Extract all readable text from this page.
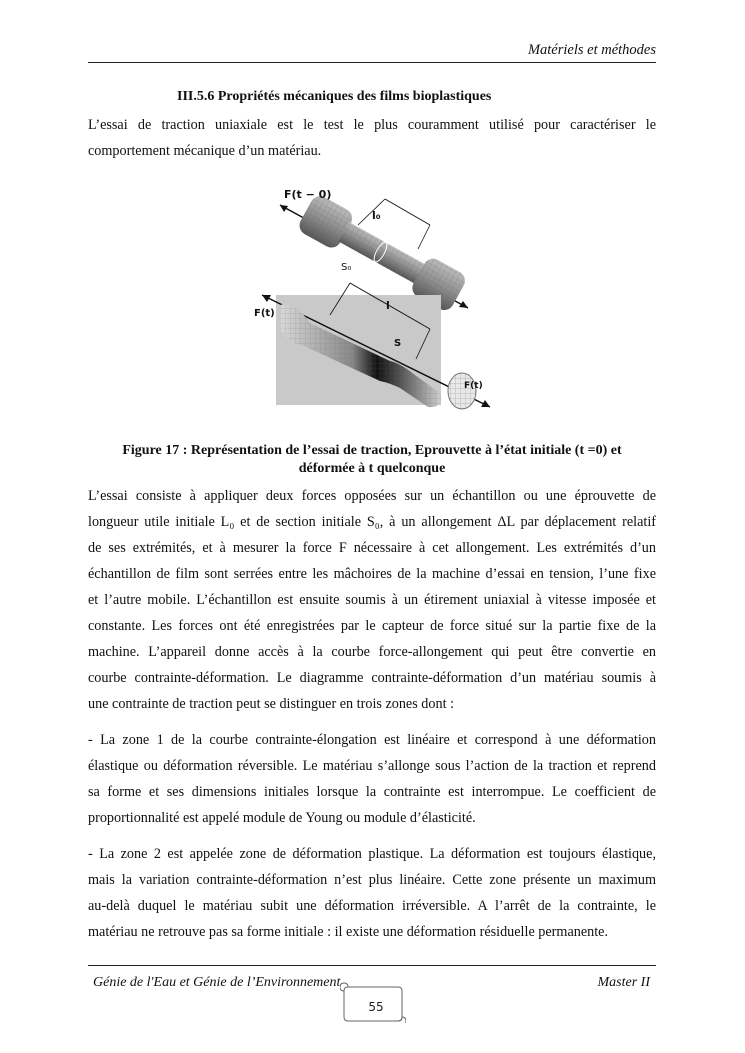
Matériels et méthodes
III.5.6 Propriétés mécaniques des films bioplastiques
L’essai de traction uniaxiale est le test le plus couramment utilisé pour caractériser le
comportement mécanique d’un matériau.
F(t − 0)
l₀
S₀
l
S
F(t)
F(t)
Figure 17 : Représentation de l’essai de traction, Eprouvette à l’état initiale (t =0) et
déformée à t quelconque
L’essai consiste à appliquer deux forces opposées sur un échantillon ou une éprouvette de
longueur utile initiale L₀ et de section initiale S₀, à un allongement ΔL par déplacement relatif
de ses extrémités, et à mesurer la force F nécessaire à cet allongement. Les extrémités d’un
échantillon de film sont serrées entre les mâchoires de la machine d’essai en tension, l’une fixe
et l’autre mobile. L’échantillon est ensuite soumis à un étirement uniaxial à vitesse imposée et
constante. Les forces ont été enregistrées par le capteur de force situé sur la partie fixe de la
machine. L’appareil donne accès à la courbe force-allongement qui peut être convertie en
courbe contrainte-déformation. Le diagramme contrainte-déformation d’un matériau soumis à
une contrainte de traction peut se distinguer en trois zones dont :
- La zone 1 de la courbe contrainte-élongation est linéaire et correspond à une déformation
élastique ou déformation réversible. Le matériau s’allonge sous l’action de la traction et reprend
sa forme et ses dimensions initiales lorsque la contrainte est interrompue. Le coefficient de
proportionnalité est appelé module de Young ou module d’élasticité.
- La zone 2 est appelée zone de déformation plastique. La déformation est toujours élastique,
mais la variation contrainte-déformation n’est plus linéaire. Cette zone présente un maximum
au-delà duquel le matériau subit une déformation irréversible. A l’arrêt de la contrainte, le
matériau ne retrouve pas sa forme initiale : il existe une déformation résiduelle permanente.
Génie de l'Eau et Génie de l’Environnement	Master II
55
